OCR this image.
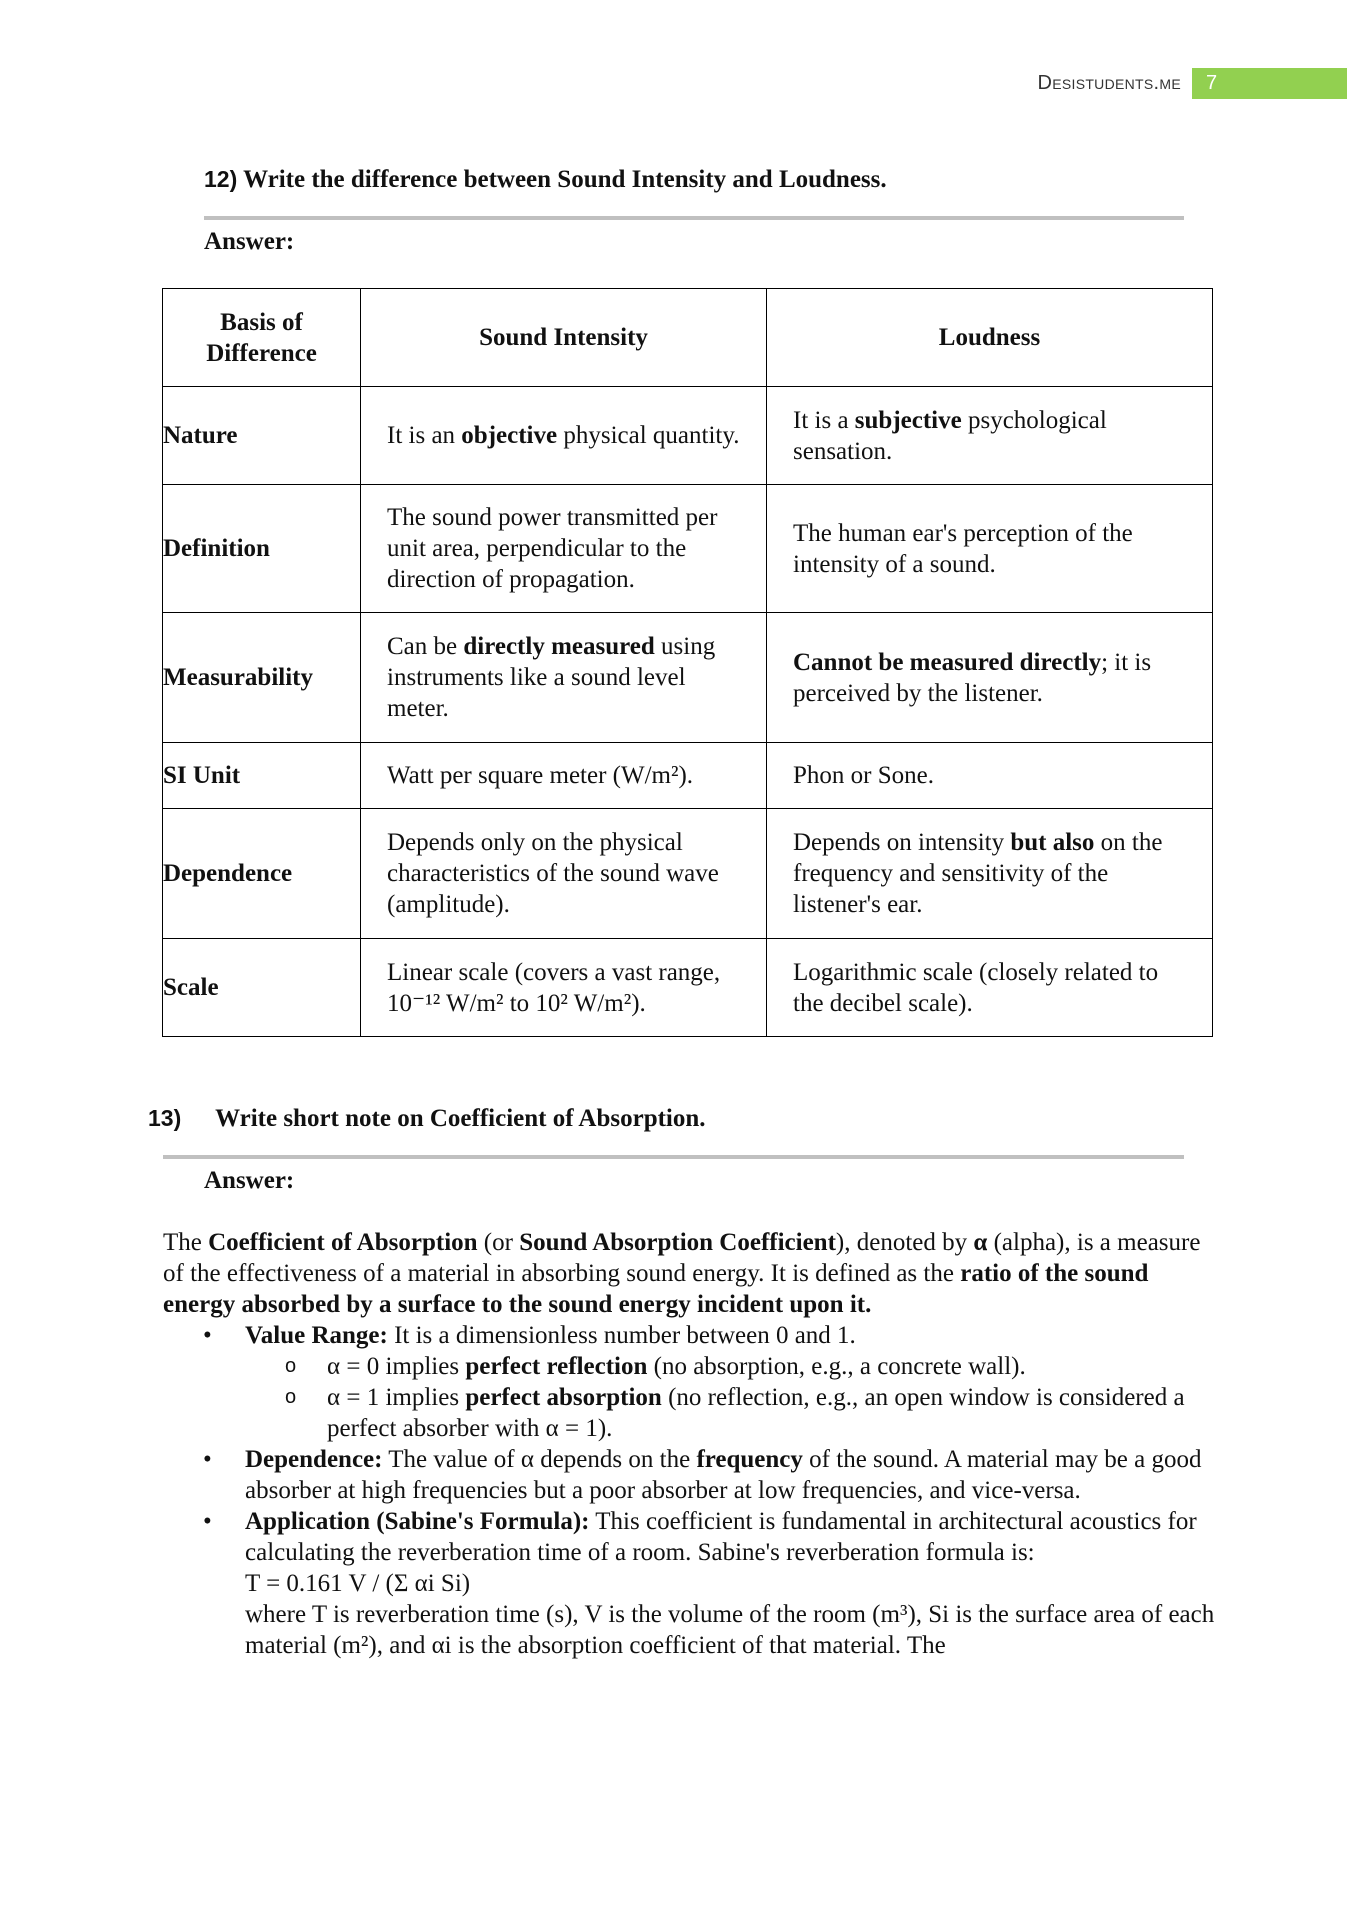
Desistudents.me	7
12) Write the difference between Sound Intensity and Loudness.
Answer:
Basis of Difference	Sound Intensity	Loudness
Nature	It is an objective physical quantity.	It is a subjective psychological sensation.
Definition	The sound power transmitted per unit area, perpendicular to the direction of propagation.	The human ear's perception of the intensity of a sound.
Measurability	Can be directly measured using instruments like a sound level meter.	Cannot be measured directly; it is perceived by the listener.
SI Unit	Watt per square meter (W/m²).	Phon or Sone.
Dependence	Depends only on the physical characteristics of the sound wave (amplitude).	Depends on intensity but also on the frequency and sensitivity of the listener's ear.
Scale	Linear scale (covers a vast range, 10⁻¹² W/m² to 10² W/m²).	Logarithmic scale (closely related to the decibel scale).
13) Write short note on Coefficient of Absorption.
Answer:
The Coefficient of Absorption (or Sound Absorption Coefficient), denoted by α (alpha), is a measure of the effectiveness of a material in absorbing sound energy. It is defined as the ratio of the sound energy absorbed by a surface to the sound energy incident upon it.
• Value Range: It is a dimensionless number between 0 and 1.
o α = 0 implies perfect reflection (no absorption, e.g., a concrete wall).
o α = 1 implies perfect absorption (no reflection, e.g., an open window is considered a perfect absorber with α = 1).
• Dependence: The value of α depends on the frequency of the sound. A material may be a good absorber at high frequencies but a poor absorber at low frequencies, and vice-versa.
• Application (Sabine's Formula): This coefficient is fundamental in architectural acoustics for calculating the reverberation time of a room. Sabine's reverberation formula is:
T = 0.161 V / (Σ αi Si)
where T is reverberation time (s), V is the volume of the room (m³), Si is the surface area of each material (m²), and αi is the absorption coefficient of that material. The
